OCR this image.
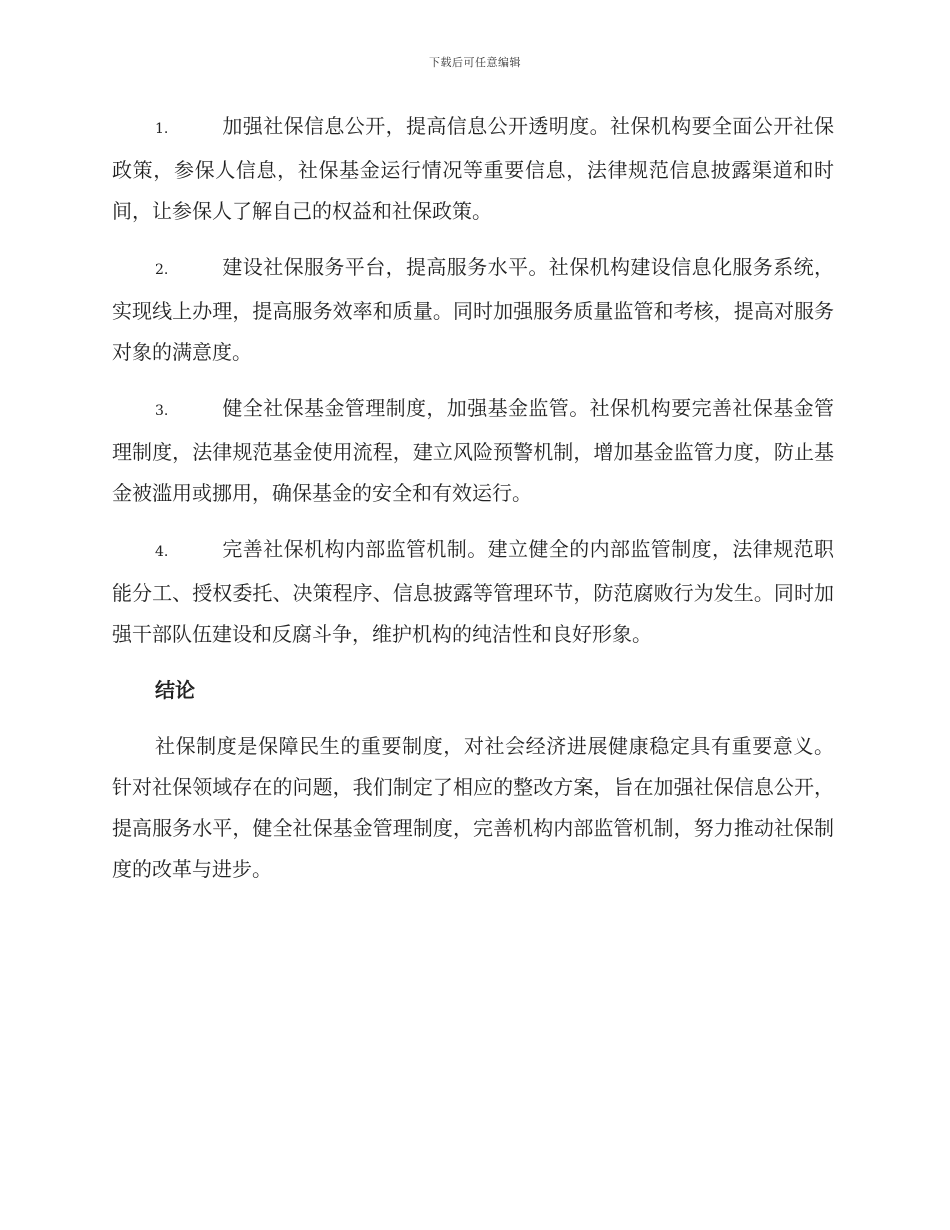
下载后可任意编辑

1.	加强社保信息公开，提高信息公开透明度。社保机构要全面公开社保政策，参保人信息，社保基金运行情况等重要信息，法律规范信息披露渠道和时间，让参保人了解自己的权益和社保政策。

2.	建设社保服务平台，提高服务水平。社保机构建设信息化服务系统，实现线上办理，提高服务效率和质量。同时加强服务质量监管和考核，提高对服务对象的满意度。

3.	健全社保基金管理制度，加强基金监管。社保机构要完善社保基金管理制度，法律规范基金使用流程，建立风险预警机制，增加基金监管力度，防止基金被滥用或挪用，确保基金的安全和有效运行。

4.	完善社保机构内部监管机制。建立健全的内部监管制度，法律规范职能分工、授权委托、决策程序、信息披露等管理环节，防范腐败行为发生。同时加强干部队伍建设和反腐斗争，维护机构的纯洁性和良好形象。

结论

社保制度是保障民生的重要制度，对社会经济进展健康稳定具有重要意义。针对社保领域存在的问题，我们制定了相应的整改方案，旨在加强社保信息公开，提高服务水平，健全社保基金管理制度，完善机构内部监管机制，努力推动社保制度的改革与进步。
